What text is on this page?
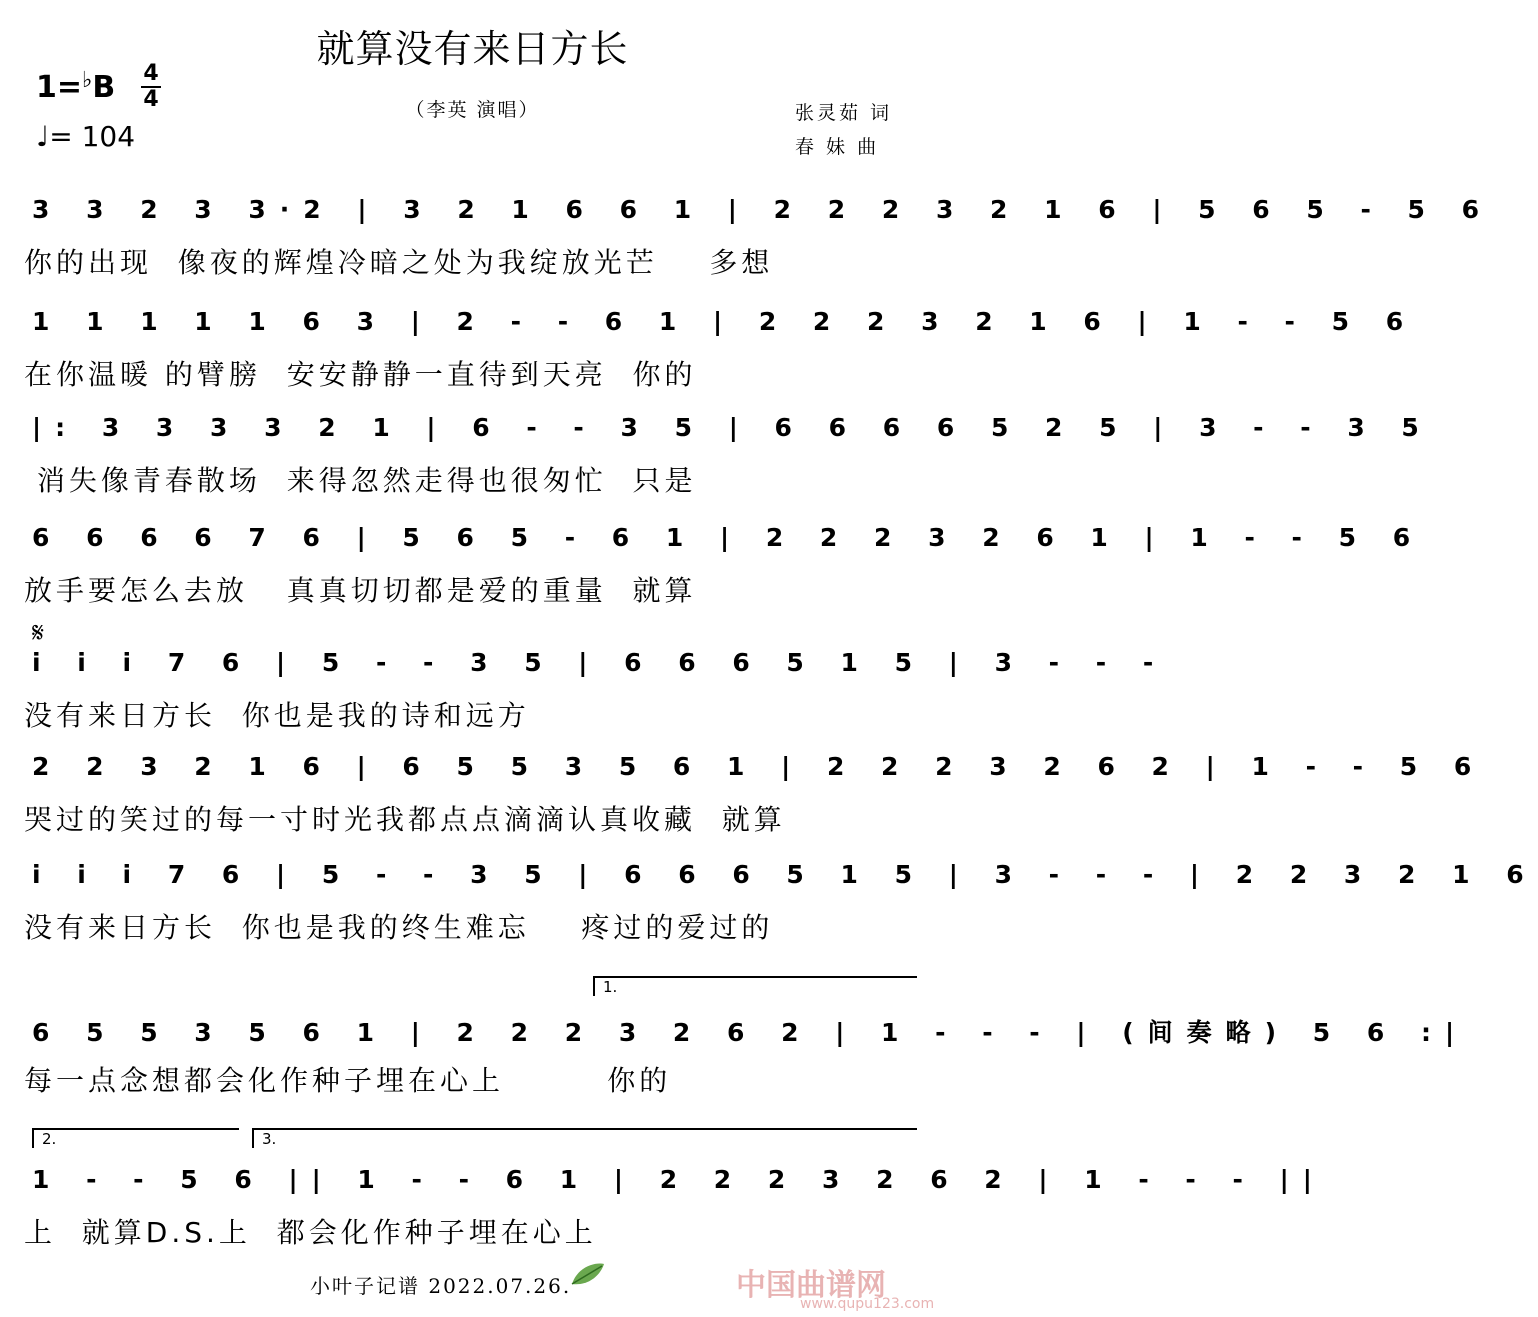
就算没有来日方长
（李英 演唱）
1=♭B 4
4
♩= 104
张灵茹 词
春 妹 曲
𝄋
3 3 2 3 3·2 | 3 2 1 6 6 1 | 2 2 2 3 2 1 6 | 5 6 5 - 5 6
你的出现  像夜的辉煌冷暗之处为我绽放光芒    多想
1 1 1 1 1 6 3 | 2 - - 6 1 | 2 2 2 3 2 1 6 | 1 - - 5 6
在你温暖 的臂膀  安安静静一直待到天亮  你的
|: 3 3 3 3 2 1 | 6 - - 3 5 | 6 6 6 6 5 2 5 | 3 - - 3 5
消失像青春散场  来得忽然走得也很匆忙  只是
6 6 6 6 7 6 | 5 6 5 - 6 1 | 2 2 2 3 2 6 1 | 1 - - 5 6
放手要怎么去放   真真切切都是爱的重量  就算
i i i 7 6 | 5 - - 3 5 | 6 6 6 5 1 5 | 3 - - -
没有来日方长  你也是我的诗和远方
2 2 3 2 1 6 | 6 5 5 3 5 6 1 | 2 2 2 3 2 6 2 | 1 - - 5 6
哭过的笑过的每一寸时光我都点点滴滴认真收藏  就算
i i i 7 6 | 5 - - 3 5 | 6 6 6 5 1 5 | 3 - - - | 2 2 3 2 1 6
没有来日方长  你也是我的终生难忘    疼过的爱过的
1.
6 5 5 3 5 6 1 | 2 2 2 3 2 6 2 | 1 - - - | (间奏略) 5 6 :|
每一点念想都会化作种子埋在心上        你的
2.	3.
1 - - 5 6 || 1 - - 6 1 | 2 2 2 3 2 6 2 | 1 - - - ||
上  就算D.S.上  都会化作种子埋在心上
小叶子记谱 2022.07.26.	中国曲谱网
www.qupu123.com
